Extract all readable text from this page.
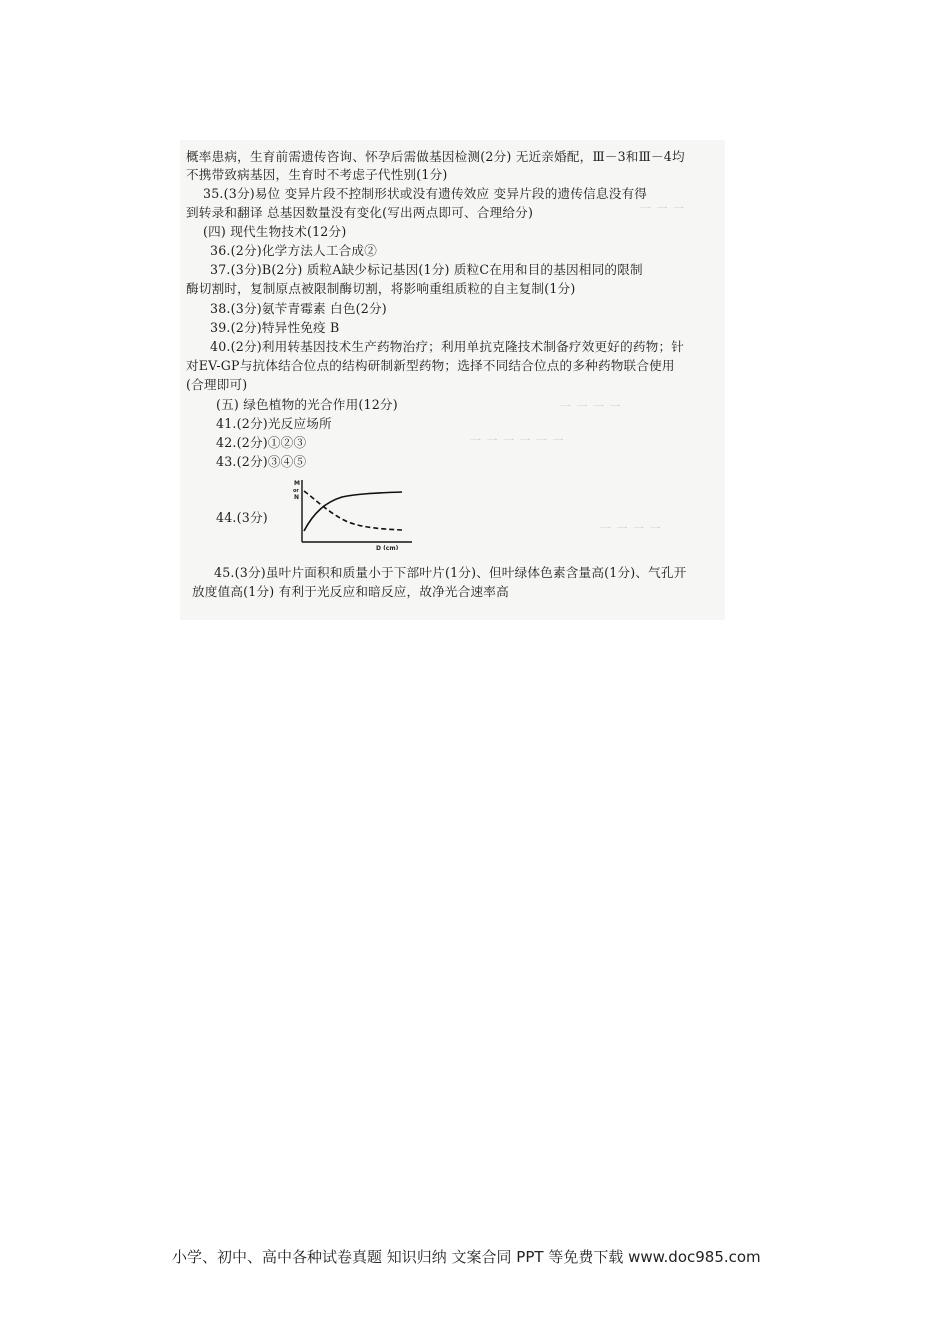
一 一 一
一 一 一 一
一 一 一 一 一 一
一 一 一 一
概率患病，生育前需遗传咨询、怀孕后需做基因检测(2分) 无近亲婚配，Ⅲ－3和Ⅲ－4均
不携带致病基因，生育时不考虑子代性别(1分)
35.(3分)易位 变异片段不控制形状或没有遗传效应 变异片段的遗传信息没有得
到转录和翻译 总基因数量没有变化(写出两点即可、合理给分)
(四) 现代生物技术(12分)
36.(2分)化学方法人工合成②
37.(3分)B(2分) 质粒A缺少标记基因(1分) 质粒C在用和目的基因相同的限制
酶切割时，复制原点被限制酶切割，将影响重组质粒的自主复制(1分)
38.(3分)氨苄青霉素 白色(2分)
39.(2分)特异性免疫 B
40.(2分)利用转基因技术生产药物治疗；利用单抗克隆技术制备疗效更好的药物；针
对EV-GP与抗体结合位点的结构研制新型药物；选择不同结合位点的多种药物联合使用
(合理即可)
(五) 绿色植物的光合作用(12分)
41.(2分)光反应场所
42.(2分)①②③
43.(2分)③④⑤
44.(3分)
45.(3分)虽叶片面积和质量小于下部叶片(1分)、但叶绿体色素含量高(1分)、气孔开
放度值高(1分) 有利于光反应和暗反应，故净光合速率高
M
or
N
D (cm)
小学、初中、高中各种试卷真题 知识归纳 文案合同 PPT 等免费下载 www.doc985.com
